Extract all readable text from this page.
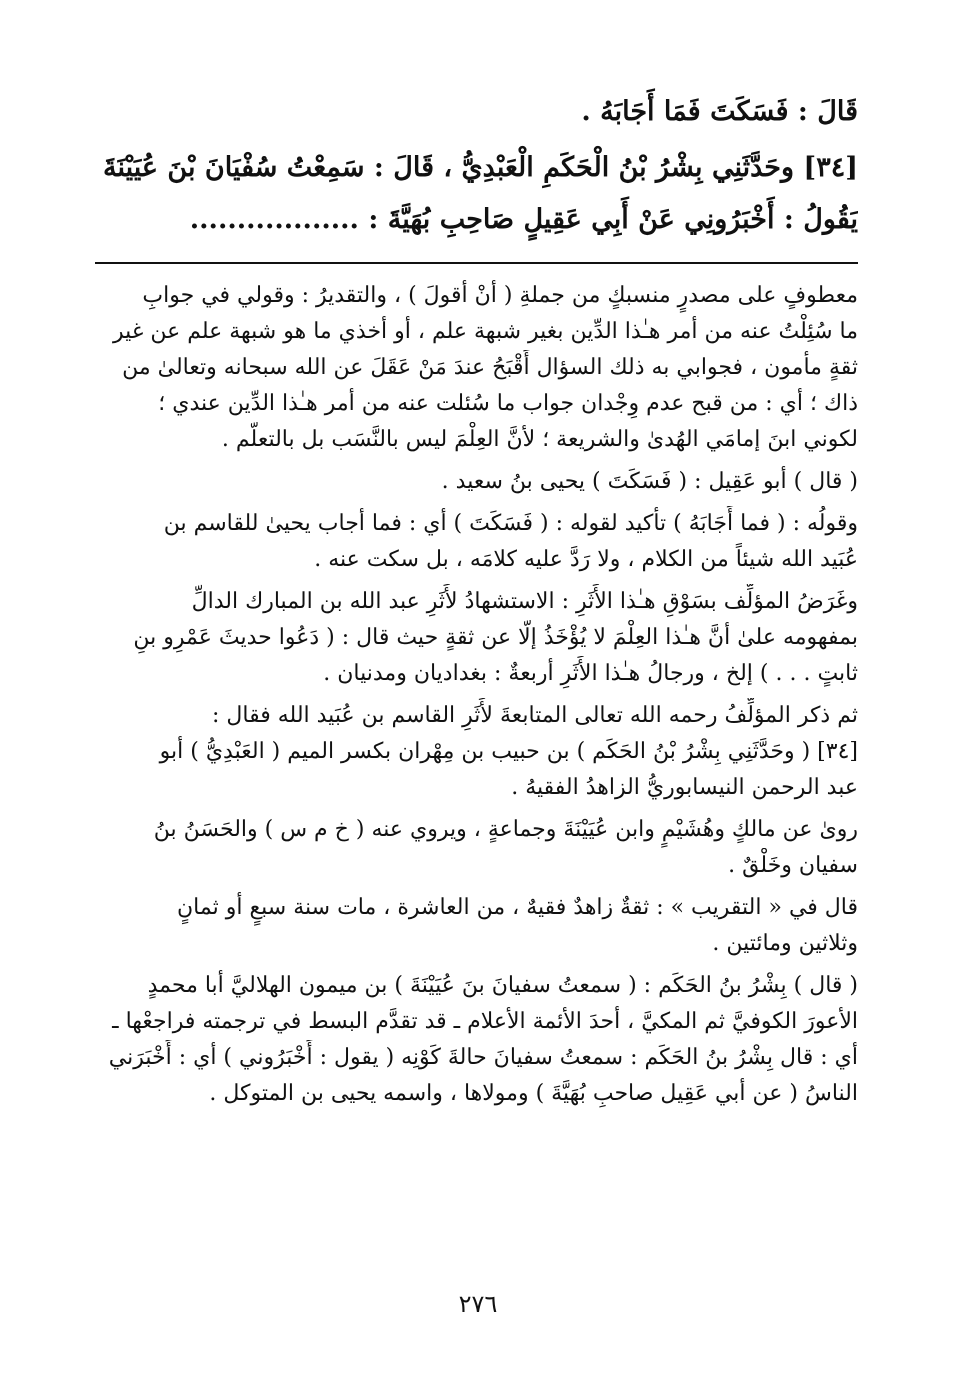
قَالَ : فَسَكَتَ فَمَا أَجَابَهُ .
[٣٤] وحَدَّثَنِي بِشْرُ بْنُ الْحَكَمِ الْعَبْدِيُّ ، قَالَ : سَمِعْتُ سُفْيَانَ بْنَ عُيَيْنَةَ
يَقُولُ : أَخْبَرُونِي عَنْ أَبِي عَقِيلٍ صَاحِبِ بُهَيَّةَ : ..................
معطوفٍ على مصدرٍ منسبكٍ من جملةِ ( أنْ أقولَ ) ، والتقديرُ : وقولي في جوابِ
ما سُئِلْتُ عنه من أمر هـٰذا الدِّين بغير شبهة علم ، أو أخذي ما هو شبهة علم عن غير
ثقةٍ مأمون ، فجوابي به ذلك السؤال أَقْبَحُ عندَ مَنْ عَقَلَ عن الله سبحانه وتعالىٰ من
ذاك ؛ أي : من قبح عدم وِجْدان جواب ما سُئلت عنه من أمر هـٰذا الدِّين عندي ؛
لكوني ابنَ إمامَي الهُدىٰ والشريعة ؛ لأنَّ العِلْمَ ليس بالنَّسَب بل بالتعلُّم .
( قال ) أبو عَقِيل : ( فَسَكَتَ ) يحيى بنُ سعيد .
وقولُه : ( فما أَجَابَهُ ) تأكيد لقوله : ( فَسَكَتَ ) أي : فما أجاب يحيىٰ للقاسم بن
عُبَيد الله شيئاً من الكلام ، ولا رَدَّ عليه كلامَه ، بل سكت عنه .
وغَرَضُ المؤلِّف بسَوْقِ هـٰذا الأَثَرِ : الاستشهادُ لأَثَرِ عبد الله بن المبارك الدالِّ
بمفهومه علىٰ أنَّ هـٰذا العِلْمَ لا يُؤْخَذُ إلَّا عن ثقةٍ حيث قال : ( دَعُوا حديثَ عَمْرِو بنِ
ثابتٍ . . . ) إلخ ، ورجالُ هـٰذا الأَثَرِ أربعةٌ : بغداديان ومدنيان .
ثم ذكر المؤلِّفُ رحمه الله تعالى المتابعةَ لأَثَرِ القاسم بن عُبَيد الله فقال :
[٣٤] ( وحَدَّثَنِي بِشْرُ بْنُ الحَكَم ) بن حبيب بن مِهْران بكسر الميم ( العَبْدِيُّ ) أبو
عبد الرحمن النيسابوريُّ الزاهدُ الفقيهُ .
روىٰ عن مالكٍ وهُشَيْمٍ وابن عُيَيْنَةَ وجماعةٍ ، ويروي عنه ( خ م س ) والحَسَنُ بنُ
سفيان وخَلْقٌ .
قال في « التقريب » : ثقةٌ زاهدٌ فقيهٌ ، من العاشرة ، مات سنة سبعٍ أو ثمانٍ
وثلاثين ومائتين .
( قال ) بِشْرُ بنُ الحَكَم : ( سمعتُ سفيانَ بنَ عُيَيْنَةَ ) بن ميمون الهلاليَّ أبا محمدٍ
الأعورَ الكوفيَّ ثم المكيَّ ، أحدَ الأئمة الأعلام ـ قد تقدَّم البسط في ترجمته فراجعْها ـ
أي : قال بِشْرُ بنُ الحَكَم : سمعتُ سفيانَ حالةَ كَوْنِه ( يقول : أَخْبَرُوني ) أي : أَخْبَرَني
الناسُ ( عن أبي عَقِيل صاحبِ بُهَيَّةَ ) ومولاها ، واسمه يحيى بن المتوكل .
٢٧٦
